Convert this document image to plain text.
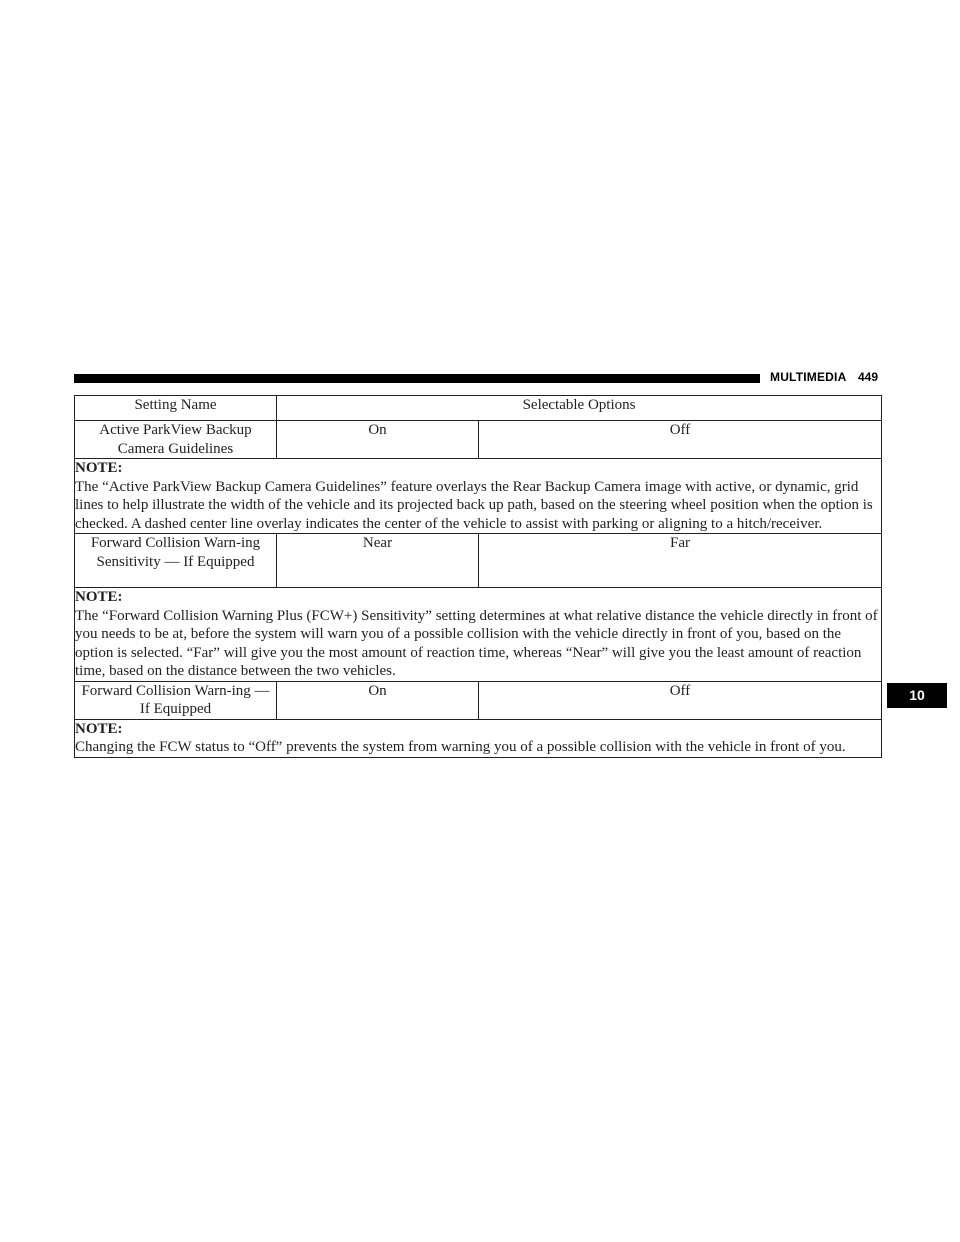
MULTIMEDIA 449
10
Setting Name	Selectable Options	
Active ParkView Backup Camera Guidelines	On	Off

NOTE:
The “Active ParkView Backup Camera Guidelines” feature overlays the Rear Backup Camera image with active, or dynamic, grid lines to help illustrate the width of the vehicle and its projected back up path, based on the steering wheel position when the option is checked. A dashed center line overlay indicates the center of the vehicle to assist with parking or aligning to a hitch/receiver.		

Forward Collision Warn-ing Sensitivity — If Equipped	Near	Far

NOTE:
The “Forward Collision Warning Plus (FCW+) Sensitivity” setting determines at what relative distance the vehicle directly in front of you needs to be at, before the system will warn you of a possible collision with the vehicle directly in front of you, based on the option is selected. “Far” will give you the most amount of reaction time, whereas “Near” will give you the least amount of reaction time, based on the distance between the two vehicles.		

Forward Collision Warn-ing — If Equipped	On	Off

NOTE:
Changing the FCW status to “Off” prevents the system from warning you of a possible collision with the vehicle in front of you.		
